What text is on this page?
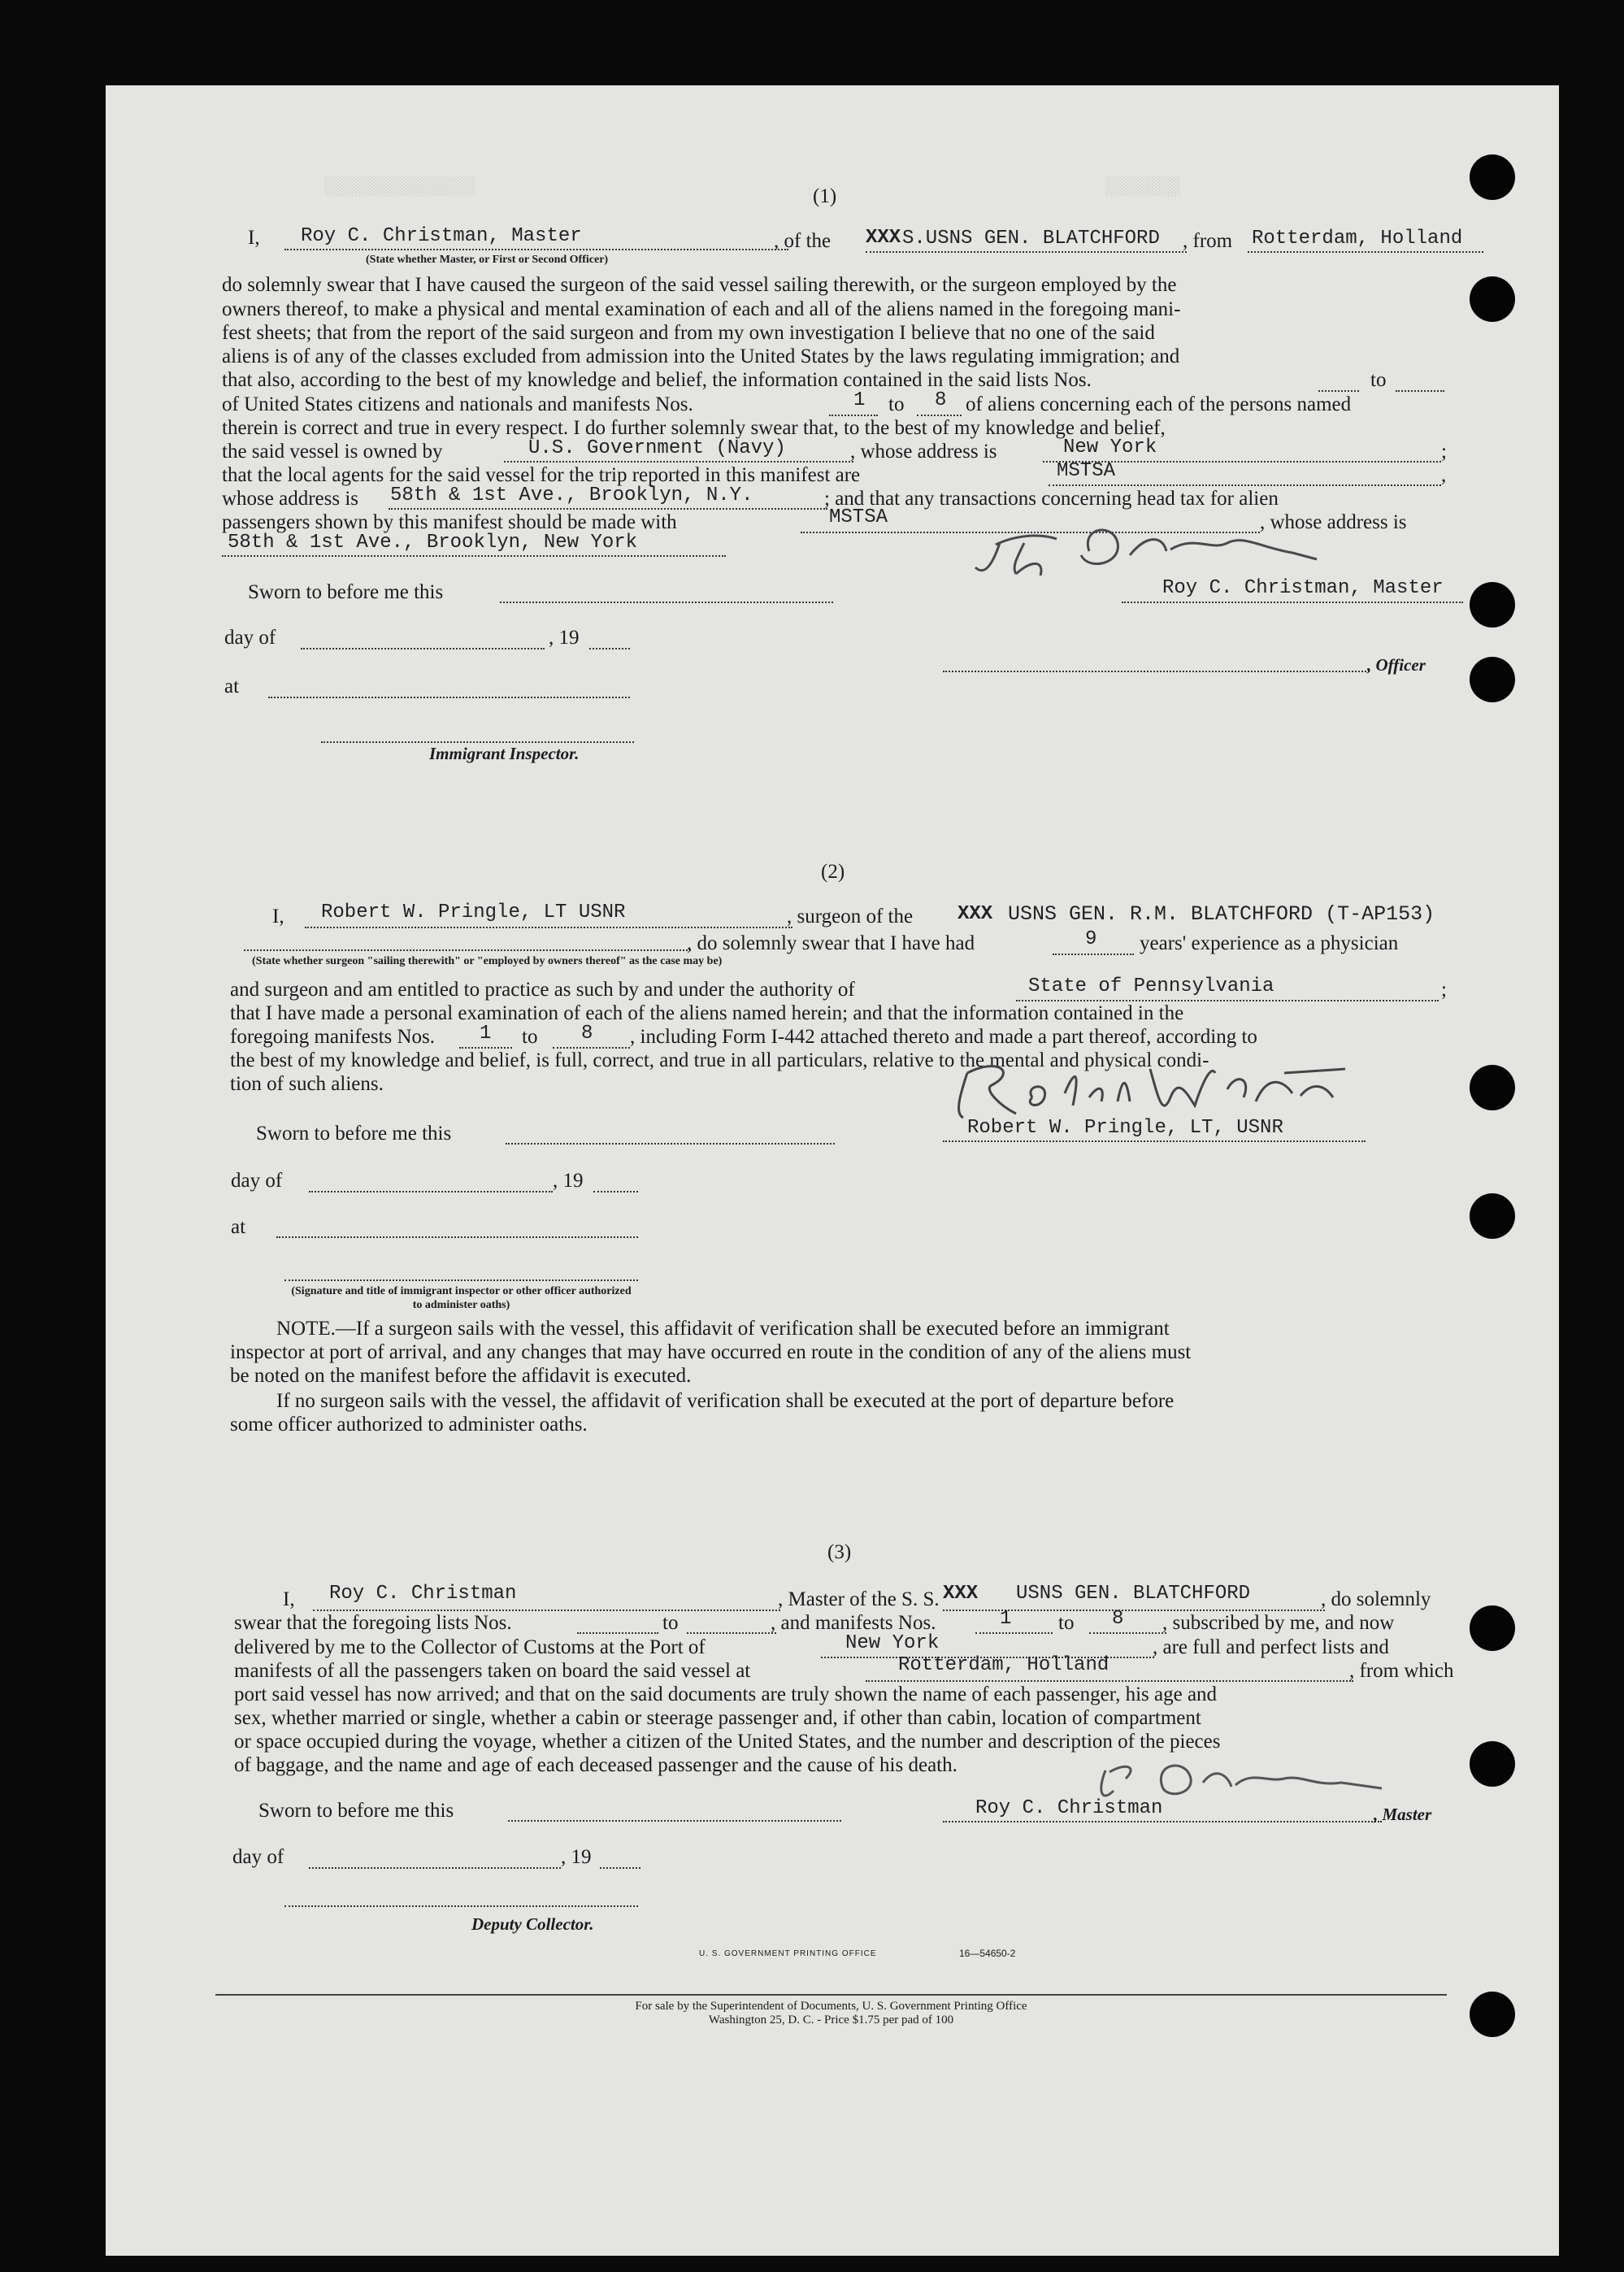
░░░░░░░░░░░░░░	░░░░░░░
(1)
I, Roy C. Christman, Master	, of the XXX S.USNS GEN. BLATCHFORD , from Rotterdam, Holland
(State whether Master, or First or Second Officer)
do solemnly swear that I have caused the surgeon of the said vessel sailing therewith, or the surgeon employed by the
owners thereof, to make a physical and mental examination of each and all of the aliens named in the foregoing mani-
fest sheets; that from the report of the said surgeon and from my own investigation I believe that no one of the said
aliens is of any of the classes excluded from admission into the United States by the laws regulating immigration; and
that also, according to the best of my knowledge and belief, the information contained in the said lists Nos.	to
of United States citizens and nationals and manifests Nos.	1 to 8 of aliens concerning each of the persons named
therein is correct and true in every respect. I do further solemnly swear that, to the best of my knowledge and belief,
the said vessel is owned by	U.S. Government (Navy)	, whose address is	New York	;
that the local agents for the said vessel for the trip reported in this manifest are	MSTSA	,
whose address is 58th & 1st Ave., Brooklyn, N.Y.	; and that any transactions concerning head tax for alien
passengers shown by this manifest should be made with	MSTSA	, whose address is
58th & 1st Ave., Brooklyn, New York
Sworn to before me this	Roy C. Christman, Master
day of	, 19
at
, Officer
Immigrant Inspector.
(2)
I, Robert W. Pringle, LT USNR	, surgeon of the XXX USNS GEN. R.M. BLATCHFORD (T-AP153)
(State whether surgeon "sailing therewith" or "employed by owners thereof" as the case may be)
, do solemnly swear that I have had	9 years' experience as a physician
and surgeon and am entitled to practice as such by and under the authority of	State of Pennsylvania	;
that I have made a personal examination of each of the aliens named herein; and that the information contained in the
foregoing manifests Nos. 1 to 8 , including Form I-442 attached thereto and made a part thereof, according to
the best of my knowledge and belief, is full, correct, and true in all particulars, relative to the mental and physical condi-
tion of such aliens.
Sworn to before me this	Robert W. Pringle, LT, USNR
day of	, 19
at
(Signature and title of immigrant inspector or other officer authorized to administer oaths)
NOTE.—If a surgeon sails with the vessel, this affidavit of verification shall be executed before an immigrant
inspector at port of arrival, and any changes that may have occurred en route in the condition of any of the aliens must
be noted on the manifest before the affidavit is executed.
If no surgeon sails with the vessel, the affidavit of verification shall be executed at the port of departure before
some officer authorized to administer oaths.
(3)
I, Roy C. Christman	, Master of the S. S. XXX USNS GEN. BLATCHFORD	, do solemnly
swear that the foregoing lists Nos.	to	, and manifests Nos.	1 to 8 , subscribed by me, and now
delivered by me to the Collector of Customs at the Port of	New York	, are full and perfect lists and
manifests of all the passengers taken on board the said vessel at	Rotterdam, Holland	, from which
port said vessel has now arrived; and that on the said documents are truly shown the name of each passenger, his age and
sex, whether married or single, whether a cabin or steerage passenger and, if other than cabin, location of compartment
or space occupied during the voyage, whether a citizen of the United States, and the number and description of the pieces
of baggage, and the name and age of each deceased passenger and the cause of his death.
Sworn to before me this	Roy C. Christman	, Master
day of	, 19
Deputy Collector.
U. S. GOVERNMENT PRINTING OFFICE	16—54650-2
For sale by the Superintendent of Documents, U. S. Government Printing Office
Washington 25, D. C. - Price $1.75 per pad of 100
